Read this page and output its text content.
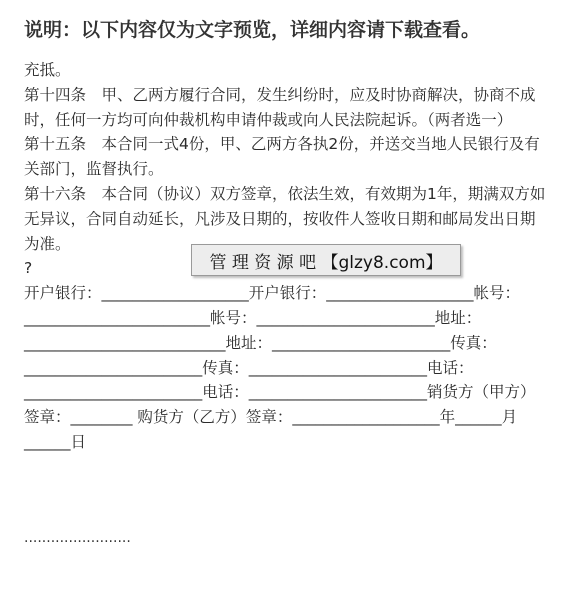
说明：以下内容仅为文字预览，详细内容请下载查看。

充抵。

第十四条　甲、乙两方履行合同，发生纠纷时，应及时协商解决，协商不成时，任何一方均可向仲裁机构申请仲裁或向人民法院起诉。（两者选一）

第十五条　本合同一式4份，甲、乙两方各执2份，并送交当地人民银行及有关部门，监督执行。

第十六条　本合同（协议）双方签章，依法生效，有效期为1年，期满双方如无异议，合同自动延长，凡涉及日期的，按收件人签收日期和邮局发出日期为准。

?

开户银行：___________________开户银行：___________________帐号：________________________帐号：_______________________地址：__________________________地址：_______________________传真：_______________________传真：_______________________电话：_______________________电话：_______________________销货方（甲方）签章：________ 购货方（乙方）签章：___________________年______月______日

························
管 理 资 源 吧 【glzy8.com】
